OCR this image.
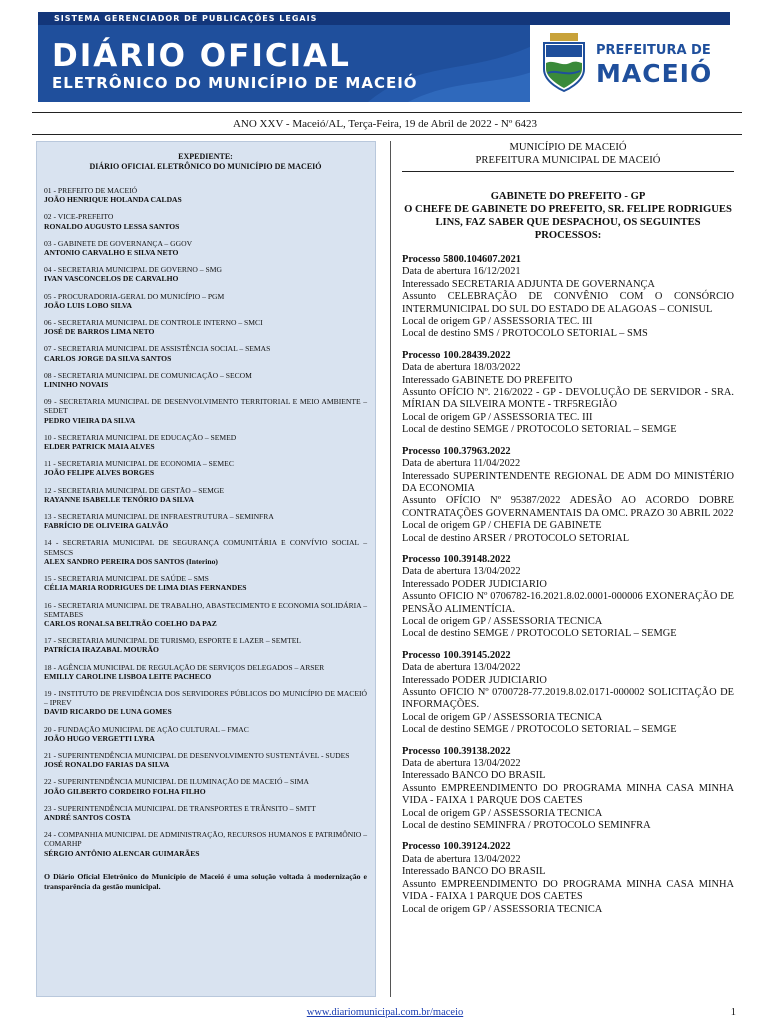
SISTEMA GERENCIADOR DE PUBLICAÇÕES LEGAIS
DIÁRIO OFICIAL
ELETRÔNICO DO MUNICÍPIO DE MACEIÓ
PREFEITURA DE
MACEIÓ
ANO XXV - Maceió/AL, Terça-Feira, 19 de Abril de 2022 - Nº 6423
EXPEDIENTE:
DIÁRIO OFICIAL ELETRÔNICO DO MUNICÍPIO DE MACEIÓ
01 - PREFEITO DE MACEIÓ
JOÃO HENRIQUE HOLANDA CALDAS
02 - VICE-PREFEITO
RONALDO AUGUSTO LESSA SANTOS
03 - GABINETE DE GOVERNANÇA – GGOV
ANTONIO CARVALHO E SILVA NETO
04 - SECRETARIA MUNICIPAL DE GOVERNO – SMG
IVAN VASCONCELOS DE CARVALHO
05 - PROCURADORIA-GERAL DO MUNICÍPIO – PGM
JOÃO LUIS LOBO SILVA
06 - SECRETARIA MUNICIPAL DE CONTROLE INTERNO – SMCI
JOSÉ DE BARROS LIMA NETO
07 - SECRETARIA MUNICIPAL DE ASSISTÊNCIA SOCIAL – SEMAS
CARLOS JORGE DA SILVA SANTOS
08 - SECRETARIA MUNICIPAL DE COMUNICAÇÃO – SECOM
LININHO NOVAIS
09 - SECRETARIA MUNICIPAL DE DESENVOLVIMENTO TERRITORIAL E MEIO AMBIENTE – SEDET
PEDRO VIEIRA DA SILVA
10 - SECRETARIA MUNICIPAL DE EDUCAÇÃO – SEMED
ELDER PATRICK MAIA ALVES
11 - SECRETARIA MUNICIPAL DE ECONOMIA – SEMEC
JOÃO FELIPE ALVES BORGES
12 - SECRETARIA MUNICIPAL DE GESTÃO – SEMGE
RAYANNE ISABELLE TENÓRIO DA SILVA
13 - SECRETARIA MUNICIPAL DE INFRAESTRUTURA – SEMINFRA
FABRÍCIO DE OLIVEIRA GALVÃO
14 - SECRETARIA MUNICIPAL DE SEGURANÇA COMUNITÁRIA E CONVÍVIO SOCIAL – SEMSCS
ALEX SANDRO PEREIRA DOS SANTOS (Interino)
15 - SECRETARIA MUNICIPAL DE SAÚDE – SMS
CÉLIA MARIA RODRIGUES DE LIMA DIAS FERNANDES
16 - SECRETARIA MUNICIPAL DE TRABALHO, ABASTECIMENTO E ECONOMIA SOLIDÁRIA – SEMTABES
CARLOS RONALSA BELTRÃO COELHO DA PAZ
17 - SECRETARIA MUNICIPAL DE TURISMO, ESPORTE E LAZER – SEMTEL
PATRÍCIA IRAZABAL MOURÃO
18 - AGÊNCIA MUNICIPAL DE REGULAÇÃO DE SERVIÇOS DELEGADOS – ARSER
EMILLY CAROLINE LISBOA LEITE PACHECO
19 - INSTITUTO DE PREVIDÊNCIA DOS SERVIDORES PÚBLICOS DO MUNICÍPIO DE MACEIÓ – IPREV
DAVID RICARDO DE LUNA GOMES
20 - FUNDAÇÃO MUNICIPAL DE AÇÃO CULTURAL – FMAC
JOÃO HUGO VERGETTI LYRA
21 - SUPERINTENDÊNCIA MUNICIPAL DE DESENVOLVIMENTO SUSTENTÁVEL - SUDES
JOSÉ RONALDO FARIAS DA SILVA
22 - SUPERINTENDÊNCIA MUNICIPAL DE ILUMINAÇÃO DE MACEIÓ – SIMA
JOÃO GILBERTO CORDEIRO FOLHA FILHO
23 - SUPERINTENDÊNCIA MUNICIPAL DE TRANSPORTES E TRÂNSITO – SMTT
ANDRÉ SANTOS COSTA
24 - COMPANHIA MUNICIPAL DE ADMINISTRAÇÃO, RECURSOS HUMANOS E PATRIMÔNIO – COMARHP
SÉRGIO ANTÔNIO ALENCAR GUIMARÃES
O Diário Oficial Eletrônico do Município de Maceió é uma solução voltada à modernização e transparência da gestão municipal.
MUNICÍPIO DE MACEIÓ
PREFEITURA MUNICIPAL DE MACEIÓ
GABINETE DO PREFEITO - GP
O CHEFE DE GABINETE DO PREFEITO, SR. FELIPE RODRIGUES LINS, FAZ SABER QUE DESPACHOU, OS SEGUINTES PROCESSOS:
Processo 5800.104607.2021
Data de abertura 16/12/2021
Interessado SECRETARIA ADJUNTA DE GOVERNANÇA
Assunto CELEBRAÇÃO DE CONVÊNIO COM O CONSÓRCIO INTERMUNICIPAL DO SUL DO ESTADO DE ALAGOAS – CONISUL
Local de origem GP / ASSESSORIA TEC. III
Local de destino SMS / PROTOCOLO SETORIAL – SMS
Processo 100.28439.2022
Data de abertura 18/03/2022
Interessado GABINETE DO PREFEITO
Assunto OFÍCIO Nº. 216/2022 - GP - DEVOLUÇÃO DE SERVIDOR - SRA. MÍRIAN DA SILVEIRA MONTE - TRF5REGIÃO
Local de origem GP / ASSESSORIA TEC. III
Local de destino SEMGE / PROTOCOLO SETORIAL – SEMGE
Processo 100.37963.2022
Data de abertura 11/04/2022
Interessado SUPERINTENDENTE REGIONAL DE ADM DO MINISTÉRIO DA ECONOMIA
Assunto OFÍCIO Nº 95387/2022 ADESÃO AO ACORDO DOBRE CONTRATAÇÕES GOVERNAMENTAIS DA OMC. PRAZO 30 ABRIL 2022
Local de origem GP / CHEFIA DE GABINETE
Local de destino ARSER / PROTOCOLO SETORIAL
Processo 100.39148.2022
Data de abertura 13/04/2022
Interessado PODER JUDICIARIO
Assunto OFICIO Nº 0706782-16.2021.8.02.0001-000006 EXONERAÇÃO DE PENSÃO ALIMENTÍCIA.
Local de origem GP / ASSESSORIA TECNICA
Local de destino SEMGE / PROTOCOLO SETORIAL – SEMGE
Processo 100.39145.2022
Data de abertura 13/04/2022
Interessado PODER JUDICIARIO
Assunto OFICIO Nº 0700728-77.2019.8.02.0171-000002 SOLICITAÇÃO DE INFORMAÇÕES.
Local de origem GP / ASSESSORIA TECNICA
Local de destino SEMGE / PROTOCOLO SETORIAL – SEMGE
Processo 100.39138.2022
Data de abertura 13/04/2022
Interessado BANCO DO BRASIL
Assunto EMPREENDIMENTO DO PROGRAMA MINHA CASA MINHA VIDA - FAIXA 1 PARQUE DOS CAETES
Local de origem GP / ASSESSORIA TECNICA
Local de destino SEMINFRA / PROTOCOLO SEMINFRA
Processo 100.39124.2022
Data de abertura 13/04/2022
Interessado BANCO DO BRASIL
Assunto EMPREENDIMENTO DO PROGRAMA MINHA CASA MINHA VIDA - FAIXA 1 PARQUE DOS CAETES
Local de origem GP / ASSESSORIA TECNICA
www.diariomunicipal.com.br/maceio	1
